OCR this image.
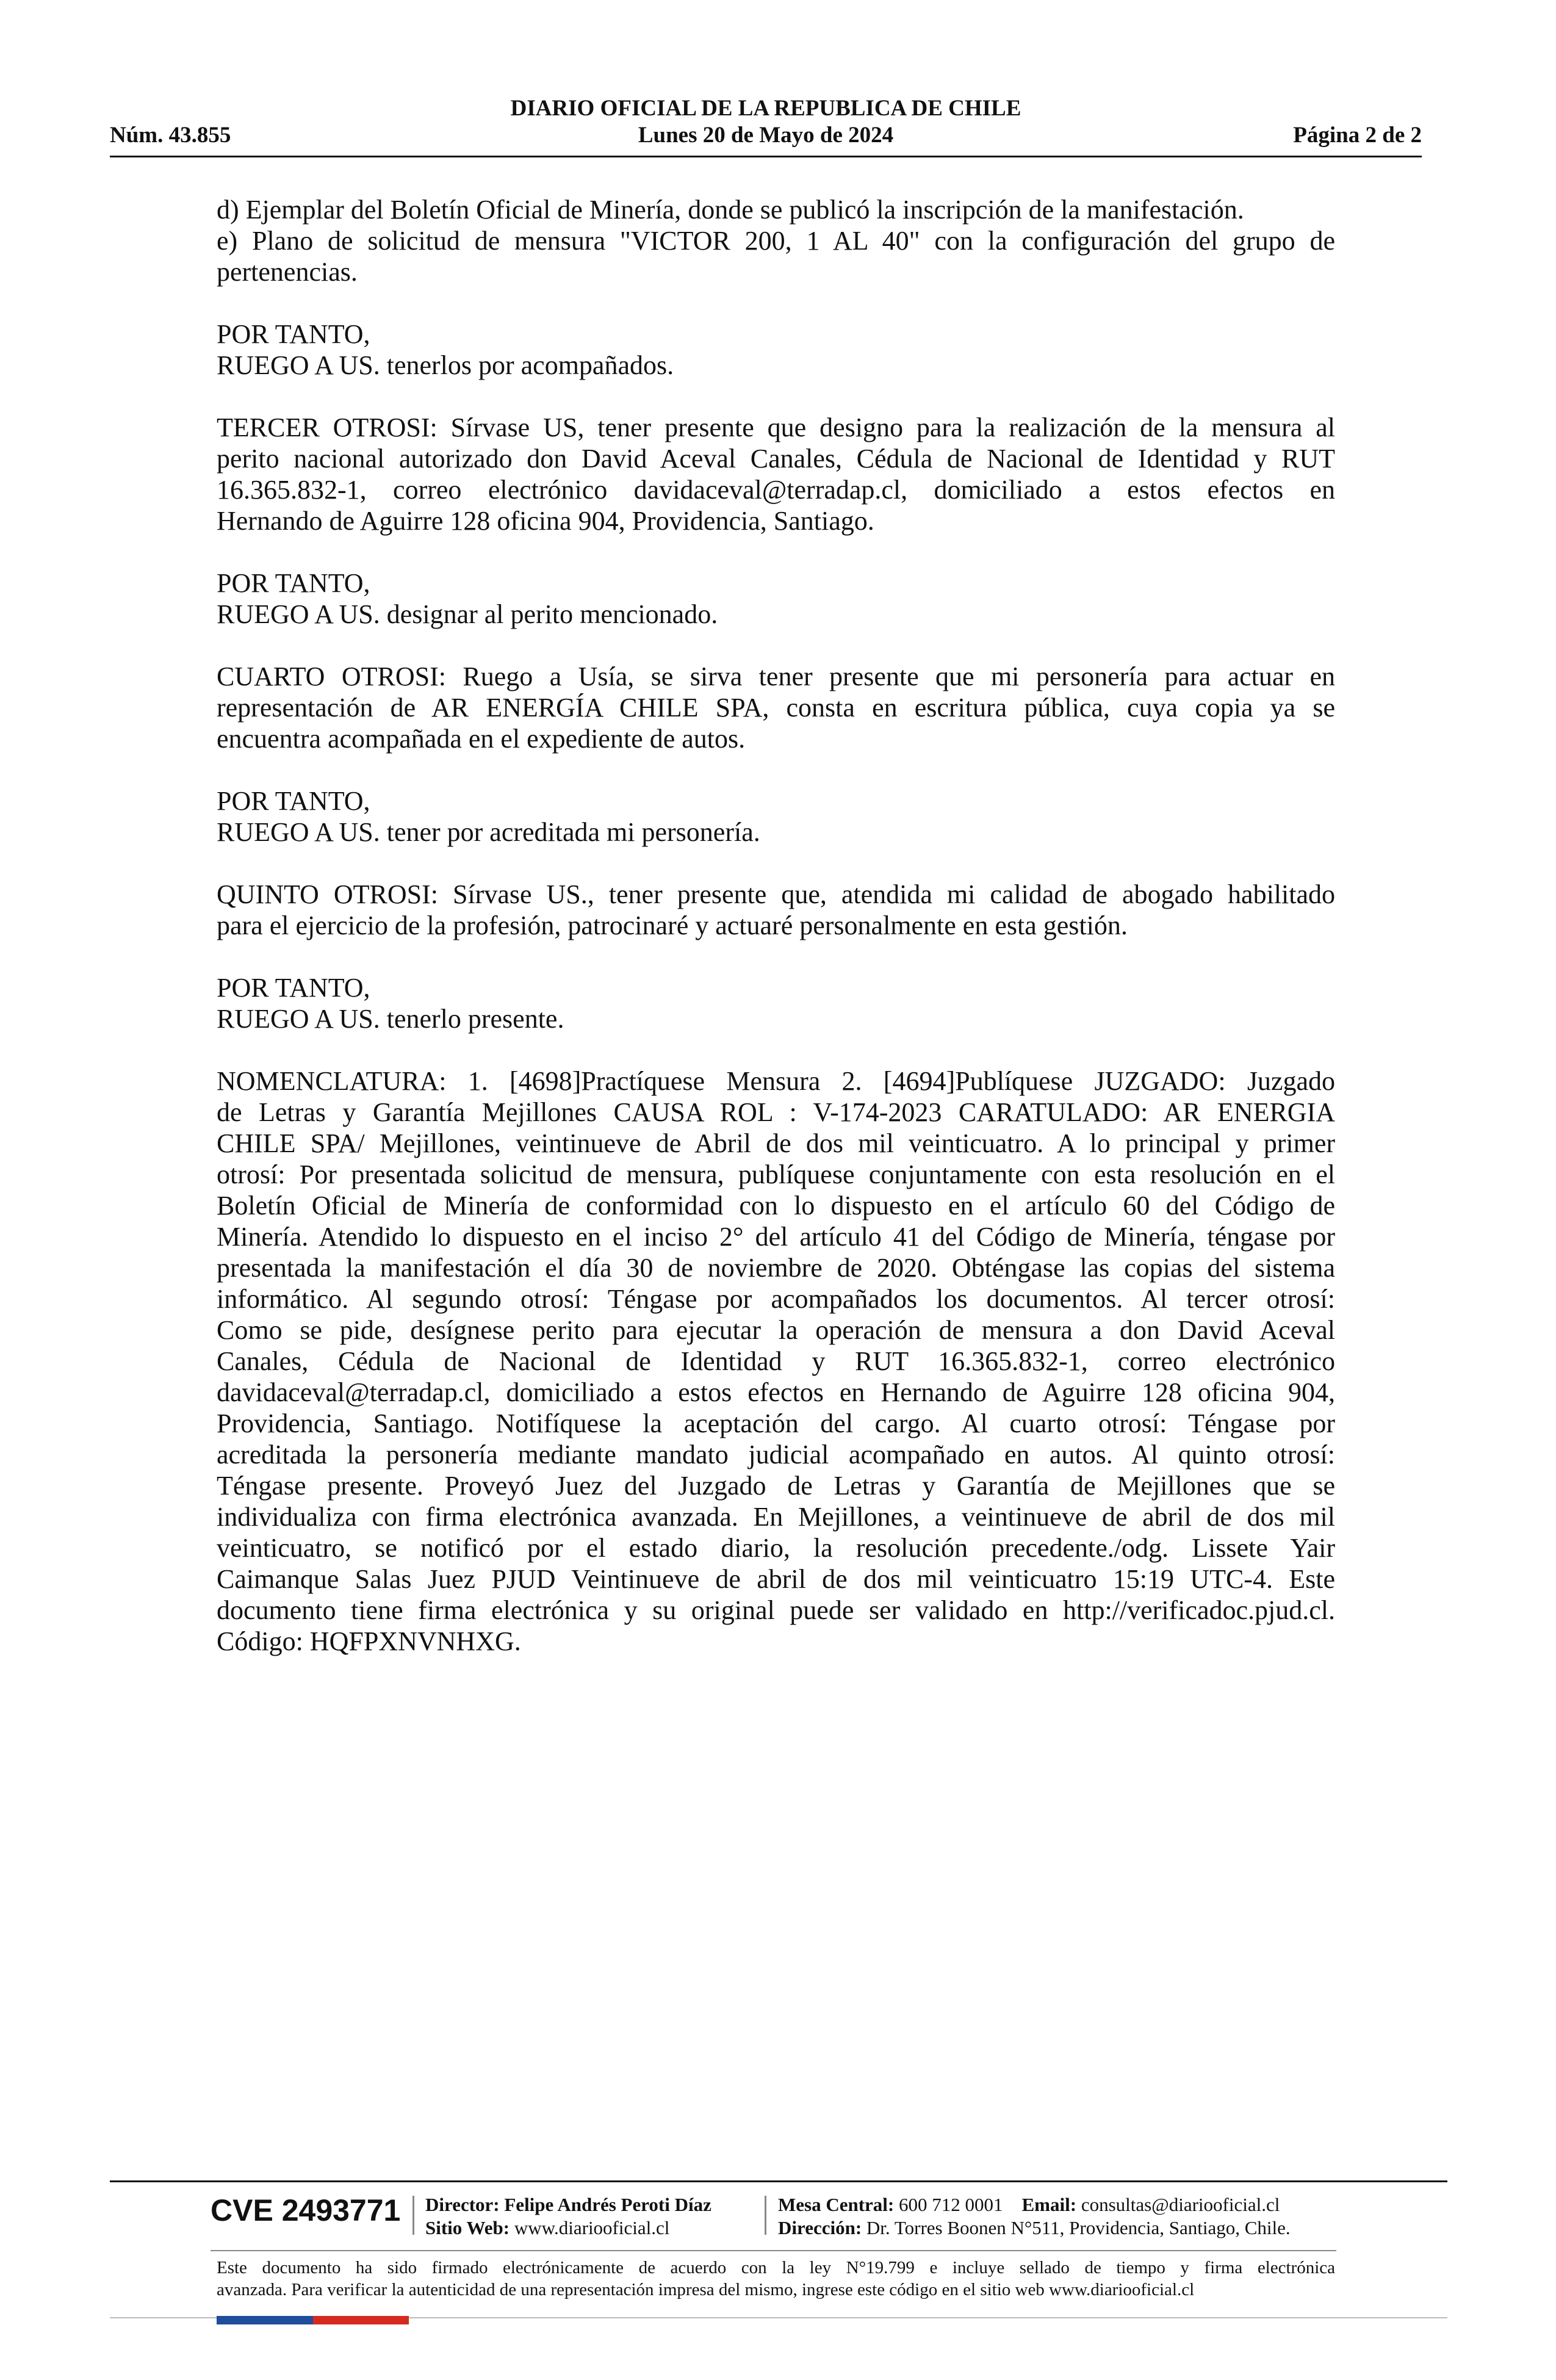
DIARIO OFICIAL DE LA REPUBLICA DE CHILE
Núm. 43.855	Lunes 20 de Mayo de 2024	Página 2 de 2

d) Ejemplar del Boletín Oficial de Minería, donde se publicó la inscripción de la manifestación.
e) Plano de solicitud de mensura "VICTOR 200, 1 AL 40" con la configuración del grupo de
pertenencias.

POR TANTO,
RUEGO A US. tenerlos por acompañados.

TERCER OTROSI: Sírvase US, tener presente que designo para la realización de la mensura al
perito nacional autorizado don David Aceval Canales, Cédula de Nacional de Identidad y RUT
16.365.832-1, correo electrónico davidaceval@terradap.cl, domiciliado a estos efectos en
Hernando de Aguirre 128 oficina 904, Providencia, Santiago.

POR TANTO,
RUEGO A US. designar al perito mencionado.

CUARTO OTROSI: Ruego a Usía, se sirva tener presente que mi personería para actuar en
representación de AR ENERGÍA CHILE SPA, consta en escritura pública, cuya copia ya se
encuentra acompañada en el expediente de autos.

POR TANTO,
RUEGO A US. tener por acreditada mi personería.

QUINTO OTROSI: Sírvase US., tener presente que, atendida mi calidad de abogado habilitado
para el ejercicio de la profesión, patrocinaré y actuaré personalmente en esta gestión.

POR TANTO,
RUEGO A US. tenerlo presente.

NOMENCLATURA: 1. [4698]Practíquese Mensura 2. [4694]Publíquese JUZGADO: Juzgado
de Letras y Garantía Mejillones CAUSA ROL : V-174-2023 CARATULADO: AR ENERGIA
CHILE SPA/ Mejillones, veintinueve de Abril de dos mil veinticuatro. A lo principal y primer
otrosí: Por presentada solicitud de mensura, publíquese conjuntamente con esta resolución en el
Boletín Oficial de Minería de conformidad con lo dispuesto en el artículo 60 del Código de
Minería. Atendido lo dispuesto en el inciso 2° del artículo 41 del Código de Minería, téngase por
presentada la manifestación el día 30 de noviembre de 2020. Obténgase las copias del sistema
informático. Al segundo otrosí: Téngase por acompañados los documentos. Al tercer otrosí:
Como se pide, desígnese perito para ejecutar la operación de mensura a don David Aceval
Canales, Cédula de Nacional de Identidad y RUT 16.365.832-1, correo electrónico
davidaceval@terradap.cl, domiciliado a estos efectos en Hernando de Aguirre 128 oficina 904,
Providencia, Santiago. Notifíquese la aceptación del cargo. Al cuarto otrosí: Téngase por
acreditada la personería mediante mandato judicial acompañado en autos. Al quinto otrosí:
Téngase presente. Proveyó Juez del Juzgado de Letras y Garantía de Mejillones que se
individualiza con firma electrónica avanzada. En Mejillones, a veintinueve de abril de dos mil
veinticuatro, se notificó por el estado diario, la resolución precedente./odg. Lissete Yair
Caimanque Salas Juez PJUD Veintinueve de abril de dos mil veinticuatro 15:19 UTC-4. Este
documento tiene firma electrónica y su original puede ser validado en http://verificadoc.pjud.cl.
Código: HQFPXNVNHXG.

CVE 2493771 Director: Felipe Andrés Peroti Díaz
Sitio Web: www.diariooficial.cl
Mesa Central: 600 712 0001 Email: consultas@diariooficial.cl
Dirección: Dr. Torres Boonen N°511, Providencia, Santiago, Chile.
Este documento ha sido firmado electrónicamente de acuerdo con la ley N°19.799 e incluye sellado de tiempo y firma electrónica
avanzada. Para verificar la autenticidad de una representación impresa del mismo, ingrese este código en el sitio web www.diariooficial.cl
